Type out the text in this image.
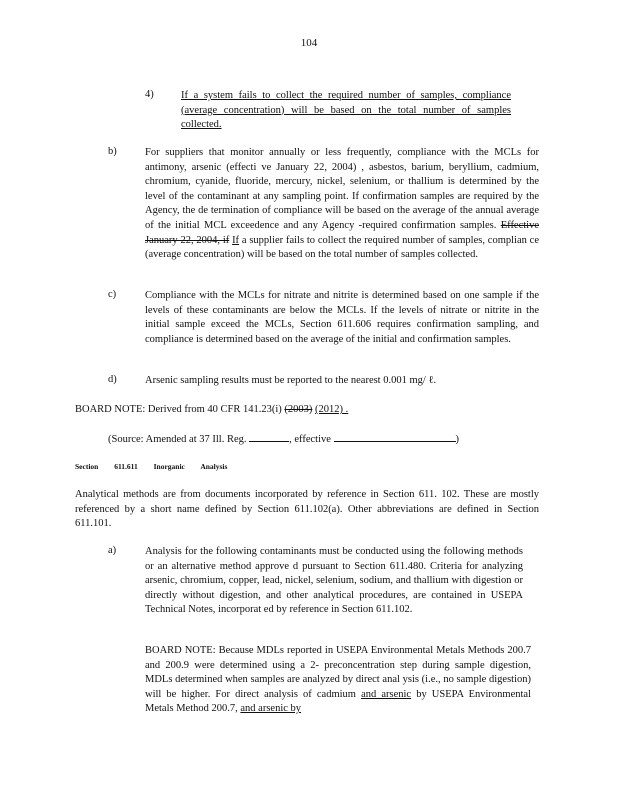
104
4)	If a system fails to collect the required number of samples, compliance (average concentration) will be based on the total number of samples collected.
b)	For suppliers that monitor annually or less frequently, compliance with the MCLs for antimony, arsenic (effecti ve January 22, 2004) , asbestos, barium, beryllium, cadmium, chromium, cyanide, fluoride, mercury, nickel, selenium, or thallium is determined by the level of the contaminant at any sampling point. If confirmation samples are required by the Agency, the de termination of compliance will be based on the average of the annual average of the initial MCL exceedence and any Agency -required confirmation samples. Effective January 22, 2004, if If a supplier fails to collect the required number of samples, complian ce (average concentration) will be based on the total number of samples collected.
c)	Compliance with the MCLs for nitrate and nitrite is determined based on one sample if the levels of these contaminants are below the MCLs. If the levels of nitrate or nitrite in the initial sample exceed the MCLs, Section 611.606 requires confirmation sampling, and compliance is determined based on the average of the initial and confirmation samples.
d)	Arsenic sampling results must be reported to the nearest 0.001 mg/ ℓ.
BOARD NOTE: Derived from 40 CFR 141.23(i) (2003) (2012) .
(Source: Amended at 37 Ill. Reg.	, effective	)
Section 611.611 Inorganic Analysis
Analytical methods are from documents incorporated by reference in Section 611. 102. These are mostly referenced by a short name defined by Section 611.102(a). Other abbreviations are defined in Section 611.101.
a)	Analysis for the following contaminants must be conducted using the following methods or an alternative method approve d pursuant to Section 611.480. Criteria for analyzing arsenic, chromium, copper, lead, nickel, selenium, sodium, and thallium with digestion or directly without digestion, and other analytical procedures, are contained in USEPA Technical Notes, incorporat ed by reference in Section 611.102.
BOARD NOTE: Because MDLs reported in USEPA Environmental Metals Methods 200.7 and 200.9 were determined using a 2- preconcentration step during sample digestion, MDLs determined when samples are analyzed by direct anal ysis (i.e., no sample digestion) will be higher. For direct analysis of cadmium and arsenic by USEPA Environmental Metals Method 200.7, and arsenic by
